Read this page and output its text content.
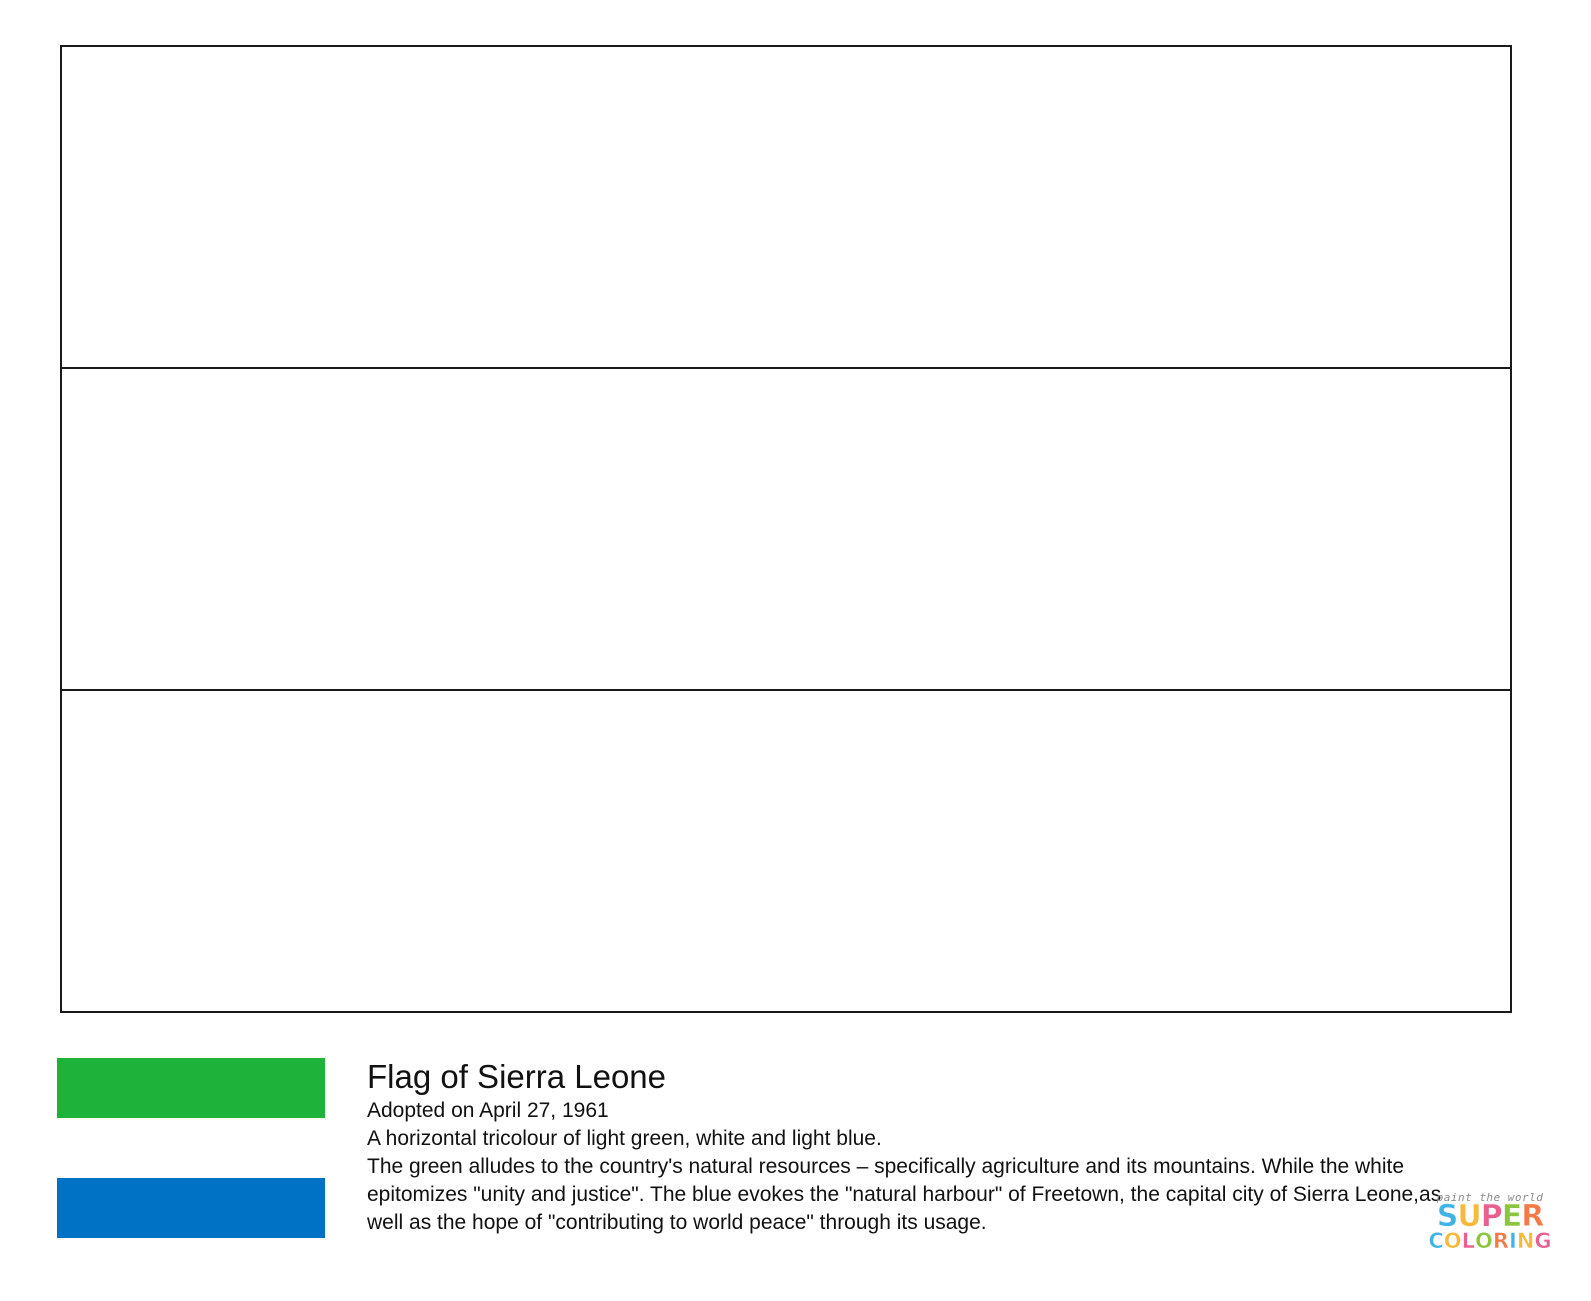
Flag of Sierra Leone

Adopted on April 27, 1961

A horizontal tricolour of light green, white and light blue.

The green alludes to the country's natural resources – specifically agriculture and its mountains. While the white epitomizes "unity and justice". The blue evokes the "natural harbour" of Freetown, the capital city of Sierra Leone,as well as the hope of "contributing to world peace" through its usage.

paint the world
SUPER
COLORING
